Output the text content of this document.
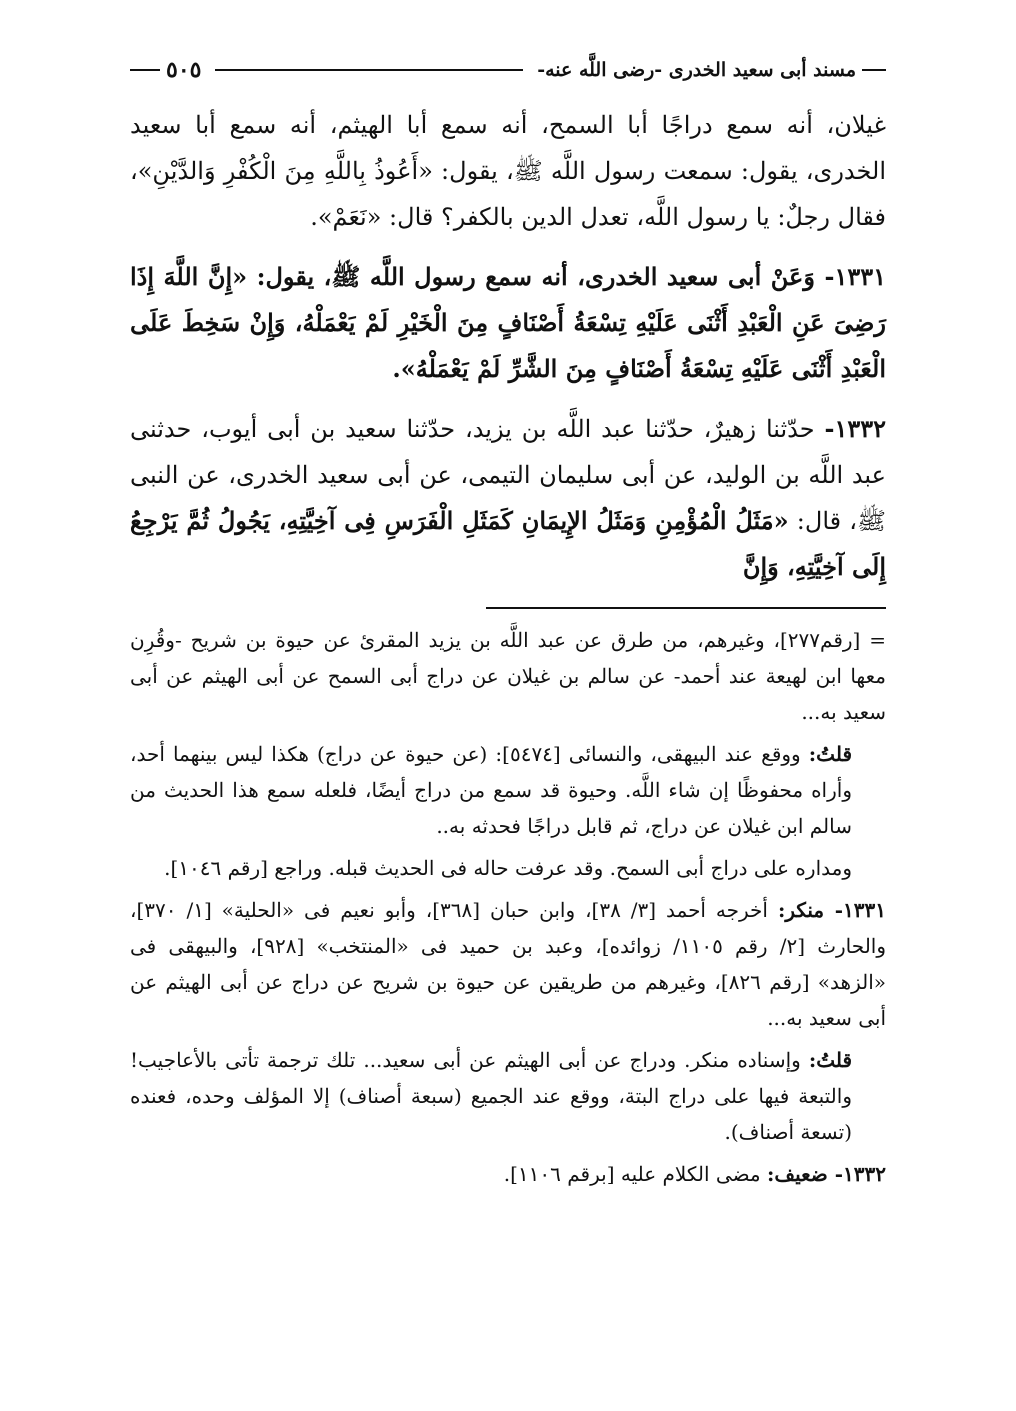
مسند أبى سعيد الخدرى -رضى اللَّه عنه-
٥٠٥

غيلان، أنه سمع دراجًا أبا السمح، أنه سمع أبا الهيثم، أنه سمع أبا سعيد الخدرى، يقول: سمعت رسول اللَّه ﷺ، يقول: «أَعُوذُ بِاللَّهِ مِنَ الْكُفْرِ وَالدَّيْنِ»، فقال رجلٌ: يا رسول اللَّه، تعدل الدين بالكفر؟ قال: «نَعَمْ».

١٣٣١- وَعَنْ أبى سعيد الخدرى، أنه سمع رسول اللَّه ﷺ، يقول: «إِنَّ اللَّهَ إِذَا رَضِىَ عَنِ الْعَبْدِ أَثْنَى عَلَيْهِ تِسْعَةُ أَصْنَافٍ مِنَ الْخَيْرِ لَمْ يَعْمَلْهُ، وَإِنْ سَخِطَ عَلَى الْعَبْدِ أَثْنَى عَلَيْهِ تِسْعَةُ أَصْنَافٍ مِنَ الشَّرِّ لَمْ يَعْمَلْهُ».

١٣٣٢- حدّثنا زهيرٌ، حدّثنا عبد اللَّه بن يزيد، حدّثنا سعيد بن أبى أيوب، حدثنى عبد اللَّه بن الوليد، عن أبى سليمان التيمى، عن أبى سعيد الخدرى، عن النبى ﷺ، قال: «مَثَلُ الْمُؤْمِنِ وَمَثَلُ الإِيمَانِ كَمَثَلِ الْفَرَسِ فِى آخِيَّتِهِ، يَجُولُ ثُمَّ يَرْجِعُ إِلَى آخِيَّتِهِ، وَإِنَّ

= [رقم٢٧٧]، وغيرهم، من طرق عن عبد اللَّه بن يزيد المقرئ عن حيوة بن شريح -وقُرِن معها ابن لهيعة عند أحمد- عن سالم بن غيلان عن دراج أبى السمح عن أبى الهيثم عن أبى سعيد به...

قلتُ: ووقع عند البيهقى، والنسائى [٥٤٧٤]: (عن حيوة عن دراج) هكذا ليس بينهما أحد، وأراه محفوظًا إن شاء اللَّه. وحيوة قد سمع من دراج أيضًا، فلعله سمع هذا الحديث من سالم ابن غيلان عن دراج، ثم قابل دراجًا فحدثه به..

ومداره على دراج أبى السمح. وقد عرفت حاله فى الحديث قبله. وراجع [رقم ١٠٤٦].

١٣٣١- منكر: أخرجه أحمد [٣/ ٣٨]، وابن حبان [٣٦٨]، وأبو نعيم فى «الحلية» [١/ ٣٧٠]، والحارث [٢/ رقم ١١٠٥/ زوائده]، وعبد بن حميد فى «المنتخب» [٩٢٨]، والبيهقى فى «الزهد» [رقم ٨٢٦]، وغيرهم من طريقين عن حيوة بن شريح عن دراج عن أبى الهيثم عن أبى سعيد به...

قلتُ: وإسناده منكر. ودراج عن أبى الهيثم عن أبى سعيد... تلك ترجمة تأتى بالأعاجيب! والتبعة فيها على دراج البتة، ووقع عند الجميع (سبعة أصناف) إلا المؤلف وحده، فعنده (تسعة أصناف).

١٣٣٢- ضعيف: مضى الكلام عليه [برقم ١١٠٦].
